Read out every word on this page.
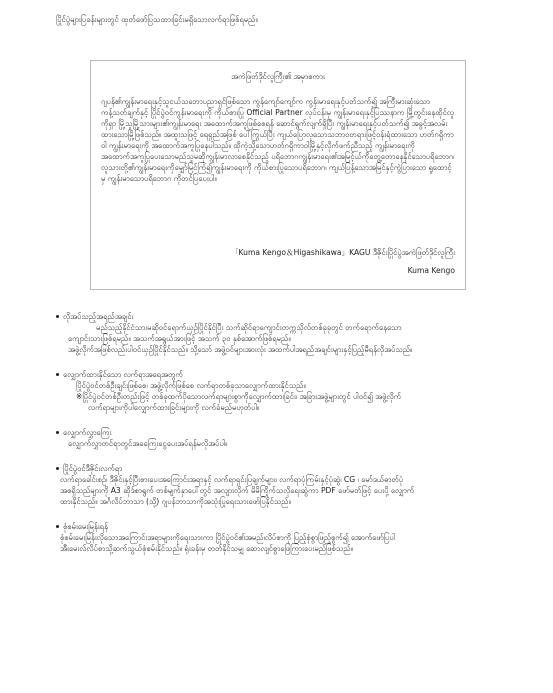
ပြိုင်ပွဲများပြခန်းများတွင် ထုတ်ဖော်ပြသထားခြင်းမရှိသောလက်ရာဖြစ်ရမည်။
အကဲဖြတ်ဒိုင်လူကြီး၏ အမှာစကား

ဂျပန်၏ကျွန်းမာရေးနှင့်သူငယ်သဘောပညာရှင်ဖြစ်သော ကွန်ကျော်ကျော်က ကွန်းမာရေးနှင့်ပတ်သက်၍ အကြီးမားဆုံးသော ကန့်သတ်ချက်နှင့် ပြိုင်ပွဲဝင်ကွန်းမာရေးကို ကိုယ်စားပြု Official Partner လုပ်ငန်းမှ ကျွန်းမာရေးနှင့်ပြဿနာက မြို့တွင်းနေထိုင်လူကိုရှာ မြို့သူမြို့သားများ၏ကျွန်းမာရေး အထောက်အကူဖြစ်စေရန် ဆောင်ရွက်လျက်ရှိပြီး ကျွန်းမာရေးနှင့်ပတ်သက်၍ အခွင့်အလမ်းထားသောမြို့ဖြစ်သည်။ အထူးသဖြင့် ရေရှည်အဖြစ် ပေါ်ကြွယ်ပြီး ကျယ်ပြောလှသောသဘာဝတရားဖြင့်ဝန်းရံထားသော ဟတ်ဂရှိကာဝါ ကျွန်းမာရေးကို အထောက်အကူပြုနေပါသည်။ ထိုကဲ့သို့သောဟတ်ဂရှိကာဝါမြို့နှင့်လိုက်ဖက်ညီသည့် ကျွန်းမာရေးကိုအထောက်အကူပြုပေးသောမည်သူမဆိုကျွန်းမာလာစေနိုင်သည့် ပရိဘောဂကျွန်းမာရေး၏အမြင့်ယ်ကိုတွေ့တောနေနိုင်သောပရိဘောဂ၊ လူသားတို့၏ကျွန်းမာရေးကိုမျှော်မြင်ကြံ၍ကျွန်းမာရေးကို ကိုယ်စားပြုသောပရိဘောဂ၊ ကျယ်ပြန့်သောအမြင်နှင့်ကွဲပြားသော ရှုထောင့်မှ ကျွန်းမာသောပရိဘောဂ ကိုတင်ပြပေးပါ။

「Kuma Kengo＆Higashikawa」KAGU ဒီဇိုင်းပြိုင်ပွဲအကဲဖြတ်ဒိုင်လူကြီး
Kuma Kengo
လိုအပ်သည့်အရည်အချင်း

မည်သည့်နိုင်ငံသားမဆိုဝင်ရောက်ယှဉ်ပြိုင်နိုင်ပြီး သက်ဆိုင်ရာကျောင်းတက္ကသိုလ်တစ်ခုခုတွင် တက်ရောက်နေသော

ကျောင်းသားဖြစ်ရမည်။ အသက်အရွယ်အားဖြင့် အသက် ၃၀ နှစ်အောက်ဖြစ်ရမည်။

အဖွဲ့လိုက်အဖြစ်လည်းပါဝင်ယှဉ်ပြိုင်နိုင်သည်။ သို့သော် အဖွဲ့ဝင်များအားလုံး အထက်ပါအရည်အချင်းများနှင့်ပြည့်မီရန်လိုအပ်သည်။

လျှောက်ထားနိုင်သော လက်ရာအရေအတွက်

ပြိုင်ပွဲဝင်တစ်ဦးချင်းဖြစ်စေ၊ အဖွဲ့လိုက်ဖြစ်စေ လက်ရာတစ်ခုသာလျှောက်ထားနိုင်သည်။

※ပြိုင်ပွဲဝင်တစ်ဦးတည်းဖြင့် တစ်ခုထက်ပိုသောလက်ရာများစွာကိုလျှောက်ထားခြင်း၊ အခြားအဖွဲ့များတွင် ပါဝင်၍ အဖွဲ့လိုက်

လက်ရာများကိုပါလျှောက်ထားခြင်းများကို လက်ခံမည်မဟုတ်ပါ။

လျှောက်လွှာကြေး

လျှောက်လွှာတင်ရာတွင်အခကြေးငွေပေးအပ်ရန်မလိုအပ်ပါ။

ပြိုင်ပွဲဝင်ဒီဇိုင်းလက်ရာ

လက်ရာခေါင်းစဉ်၊ ဒီဇိုင်းနှင့်ပြီးစားပေးအကြောင်းအရာနှင့် လက်ရာရှင်းပြချက်များ၊ လက်ရာပုံကြမ်းနှင့်ပုံဆွဲ၊ CG ၊ မော်ဒယ်ဓာတ်ပုံ

အစရှိသည်များကို A3 ဆိုဒ်စာရွက် တစ်မျက်နှာပေါ်တွင် အလျားလိုက် မိမိကြိုက်သလိုရေးဆွဲကာ PDF ဖော်မတ်ဖြင့် ပေးပို့ လျှောက်

ထားနိုင်သည်။ အင်္ဂလိပ်ဘာသာ (သို့) ဂျပန်ဘာသာကိုအသုံးပြုရေးသားဖော်ပြနိုင်သည်။

စုံစမ်းမေးမြန်းရန်

စုံစမ်းမေးမြန်းလိုသောအကြောင်းအရာများကိုရေးသားကာ ပြိုင်ပွဲဝင်၏အမည်၊လိပ်စာကို ပြည့်စုံစွာဖြည့်စွက်၍ အောက်ဖော်ပြပါ

အီးမေးလ်လိပ်စာသို့ဆက်သွယ်စုံစမ်းနိုင်သည်။ ရုံးခန်းမှ တတ်နိုင်သမျှ ဆောလျင်စွာဖြေကြားပေးမည်ဖြစ်သည်။
